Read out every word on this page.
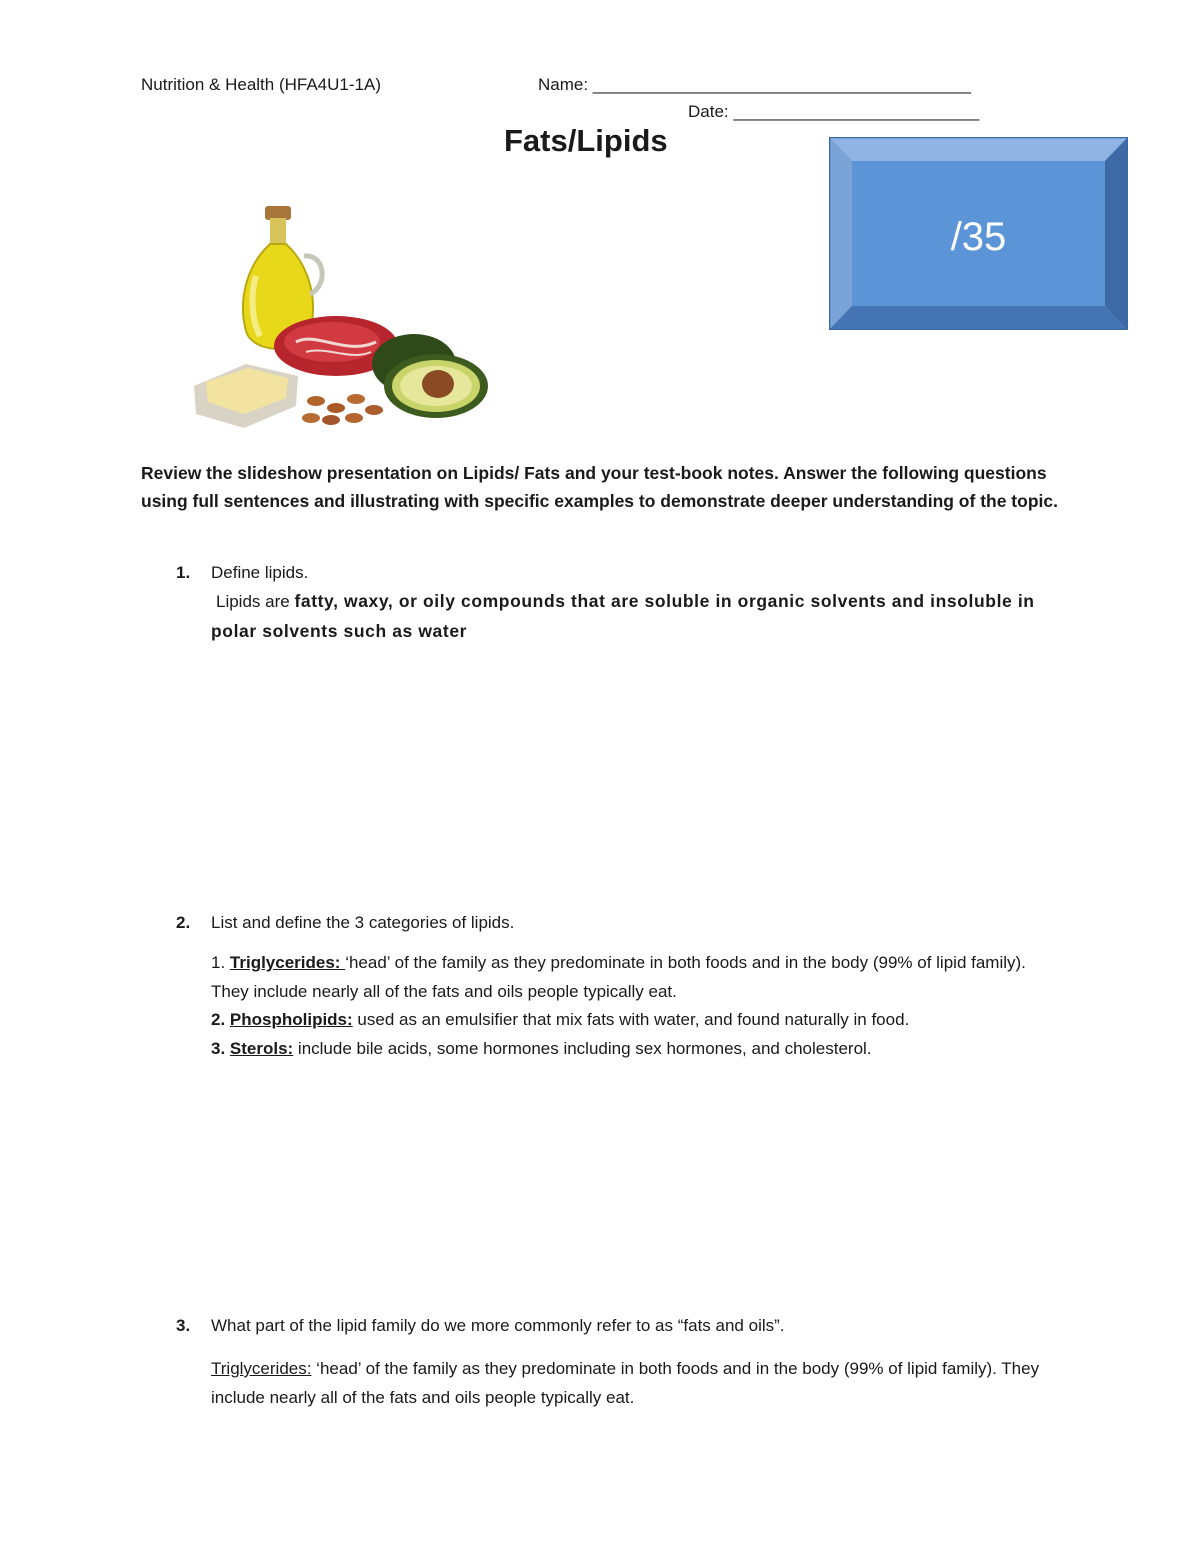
Nutrition & Health (HFA4U1-1A)	Name: ________________________________________
Date: __________________________
Fats/Lipids
/35
Review the slideshow presentation on Lipids/ Fats and your test-book notes. Answer the following questions using full sentences and illustrating with specific examples to demonstrate deeper understanding of the topic.
1. Define lipids.
Lipids are fatty, waxy, or oily compounds that are soluble in organic solvents and insoluble in polar solvents such as water
2. List and define the 3 categories of lipids.
1. Triglycerides: ‘head’ of the family as they predominate in both foods and in the body (99% of lipid family). They include nearly all of the fats and oils people typically eat.
2. Phospholipids: used as an emulsifier that mix fats with water, and found naturally in food.
3. Sterols: include bile acids, some hormones including sex hormones, and cholesterol.
3. What part of the lipid family do we more commonly refer to as “fats and oils”.
Triglycerides: ‘head’ of the family as they predominate in both foods and in the body (99% of lipid family). They include nearly all of the fats and oils people typically eat.
